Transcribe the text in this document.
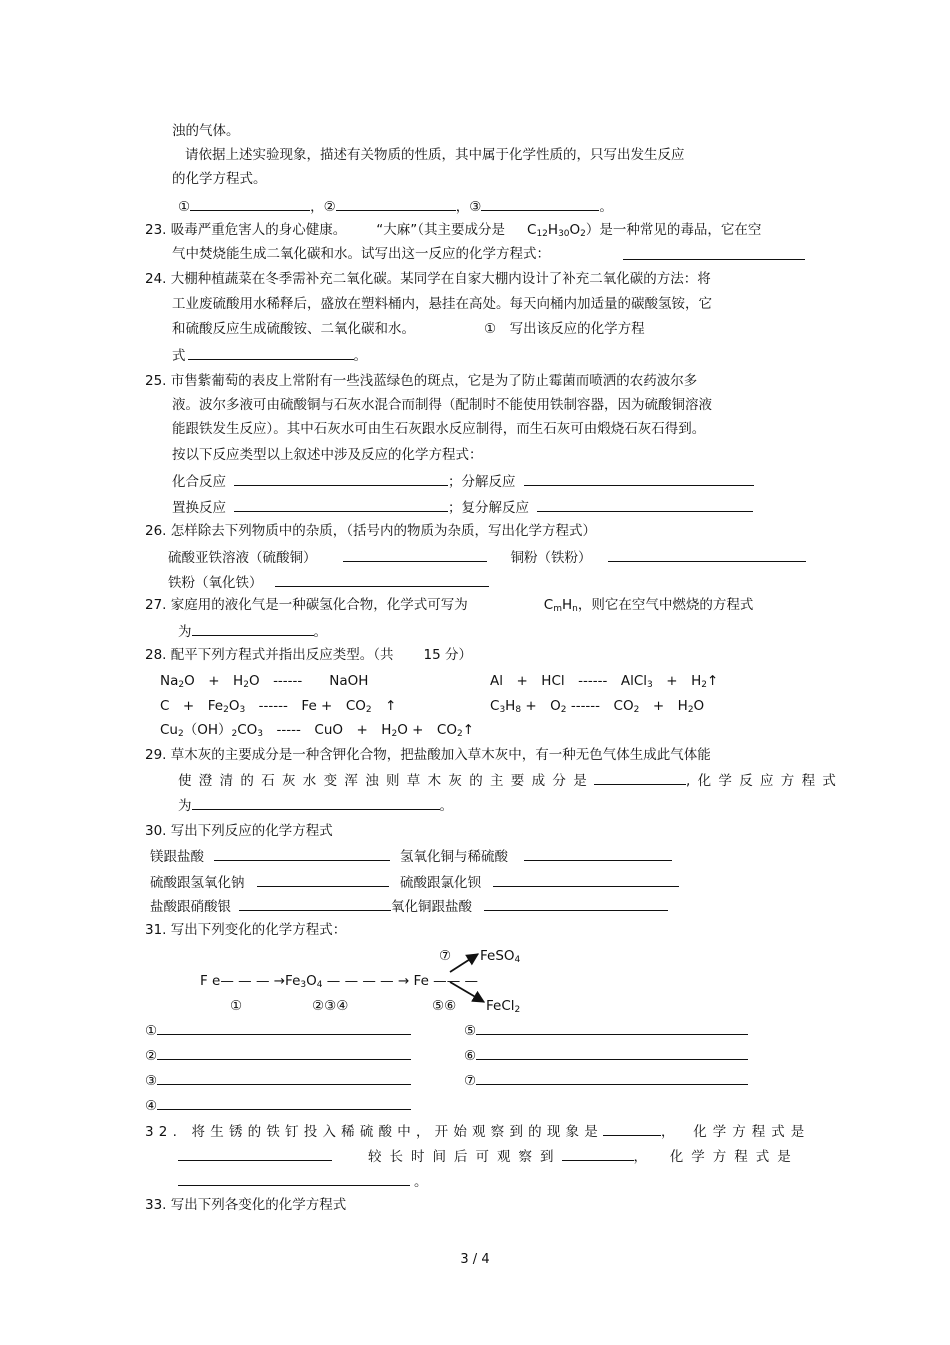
浊的气体。
请依据上述实验现象，描述有关物质的性质，其中属于化学性质的，只写出发生反应
的化学方程式。
①	，②	，③	。
23. 吸毒严重危害人的身心健康。 “大麻”（其主要成分是 $C_{12}H_{30}O_2$）是一种常见的毒品，它在空
气中焚烧能生成二氧化碳和水。试写出这一反应的化学方程式：
24. 大棚种植蔬菜在冬季需补充二氧化碳。某同学在自家大棚内设计了补充二氧化碳的方法：将
工业废硫酸用水稀释后，盛放在塑料桶内，悬挂在高处。每天向桶内加适量的碳酸氢铵，它
和硫酸反应生成硫酸铵、二氧化碳和水。	①　写出该反应的化学方程
式	。
25. 市售紫葡萄的表皮上常附有一些浅蓝绿色的斑点，它是为了防止霉菌而喷洒的农药波尔多
液。波尔多液可由硫酸铜与石灰水混合而制得（配制时不能使用铁制容器，因为硫酸铜溶液
能跟铁发生反应）。其中石灰水可由生石灰跟水反应制得，而生石灰可由煅烧石灰石得到。
按以下反应类型以上叙述中涉及反应的化学方程式：
化合反应	；分解反应
置换反应	；复分解反应
26. 怎样除去下列物质中的杂质，（括号内的物质为杂质，写出化学方程式）
硫酸亚铁溶液（硫酸铜）	铜粉（铁粉）
铁粉（氧化铁）
27. 家庭用的液化气是一种碳氢化合物，化学式可写为	$C_mH_n$，则它在空气中燃烧的方程式
为	。
28. 配平下列方程式并指出反应类型。（共 15 分）
$Na_2O$　+　$H_2O$　------　　NaOH	Al　+　HCl　------　AlCl$_3$　+　$H_2↑$
C　+　$Fe_2O_3$　------　Fe +　$CO_2$　↑	$C_3H_8$ +　$O_2$ ------　$CO_2$　+　$H_2O$
$Cu_2(OH)_2CO_3$　-----　CuO　+　$H_2O$ +　$CO_2↑$
29. 草木灰的主要成分是一种含钾化合物，把盐酸加入草木灰中，有一种无色气体生成此气体能
使澄清的石灰水变浑浊则草木灰的主要成分是	,化学反应方程式
为	。
30. 写出下列反应的化学方程式
镁跟盐酸	氢氧化铜与稀硫酸
硫酸跟氢氧化钠	硫酸跟氯化钡
盐酸跟硝酸银	氧化铜跟盐酸
31. 写出下列变化的化学方程式：
⑦ FeSO$_4$
F e— — — $\to Fe_3O_4$ — — — — → Fe —— —
FeCl$_2$
①	②③④	⑤⑥
①	⑤
②	⑥
③	⑦
④
32. 将生锈的铁钉投入稀硫酸中，开始观察到的现象是	，　化学方程式是
较长时间后可观察到	，　化学方程式是
。
33. 写出下列各变化的化学方程式
3 / 4
